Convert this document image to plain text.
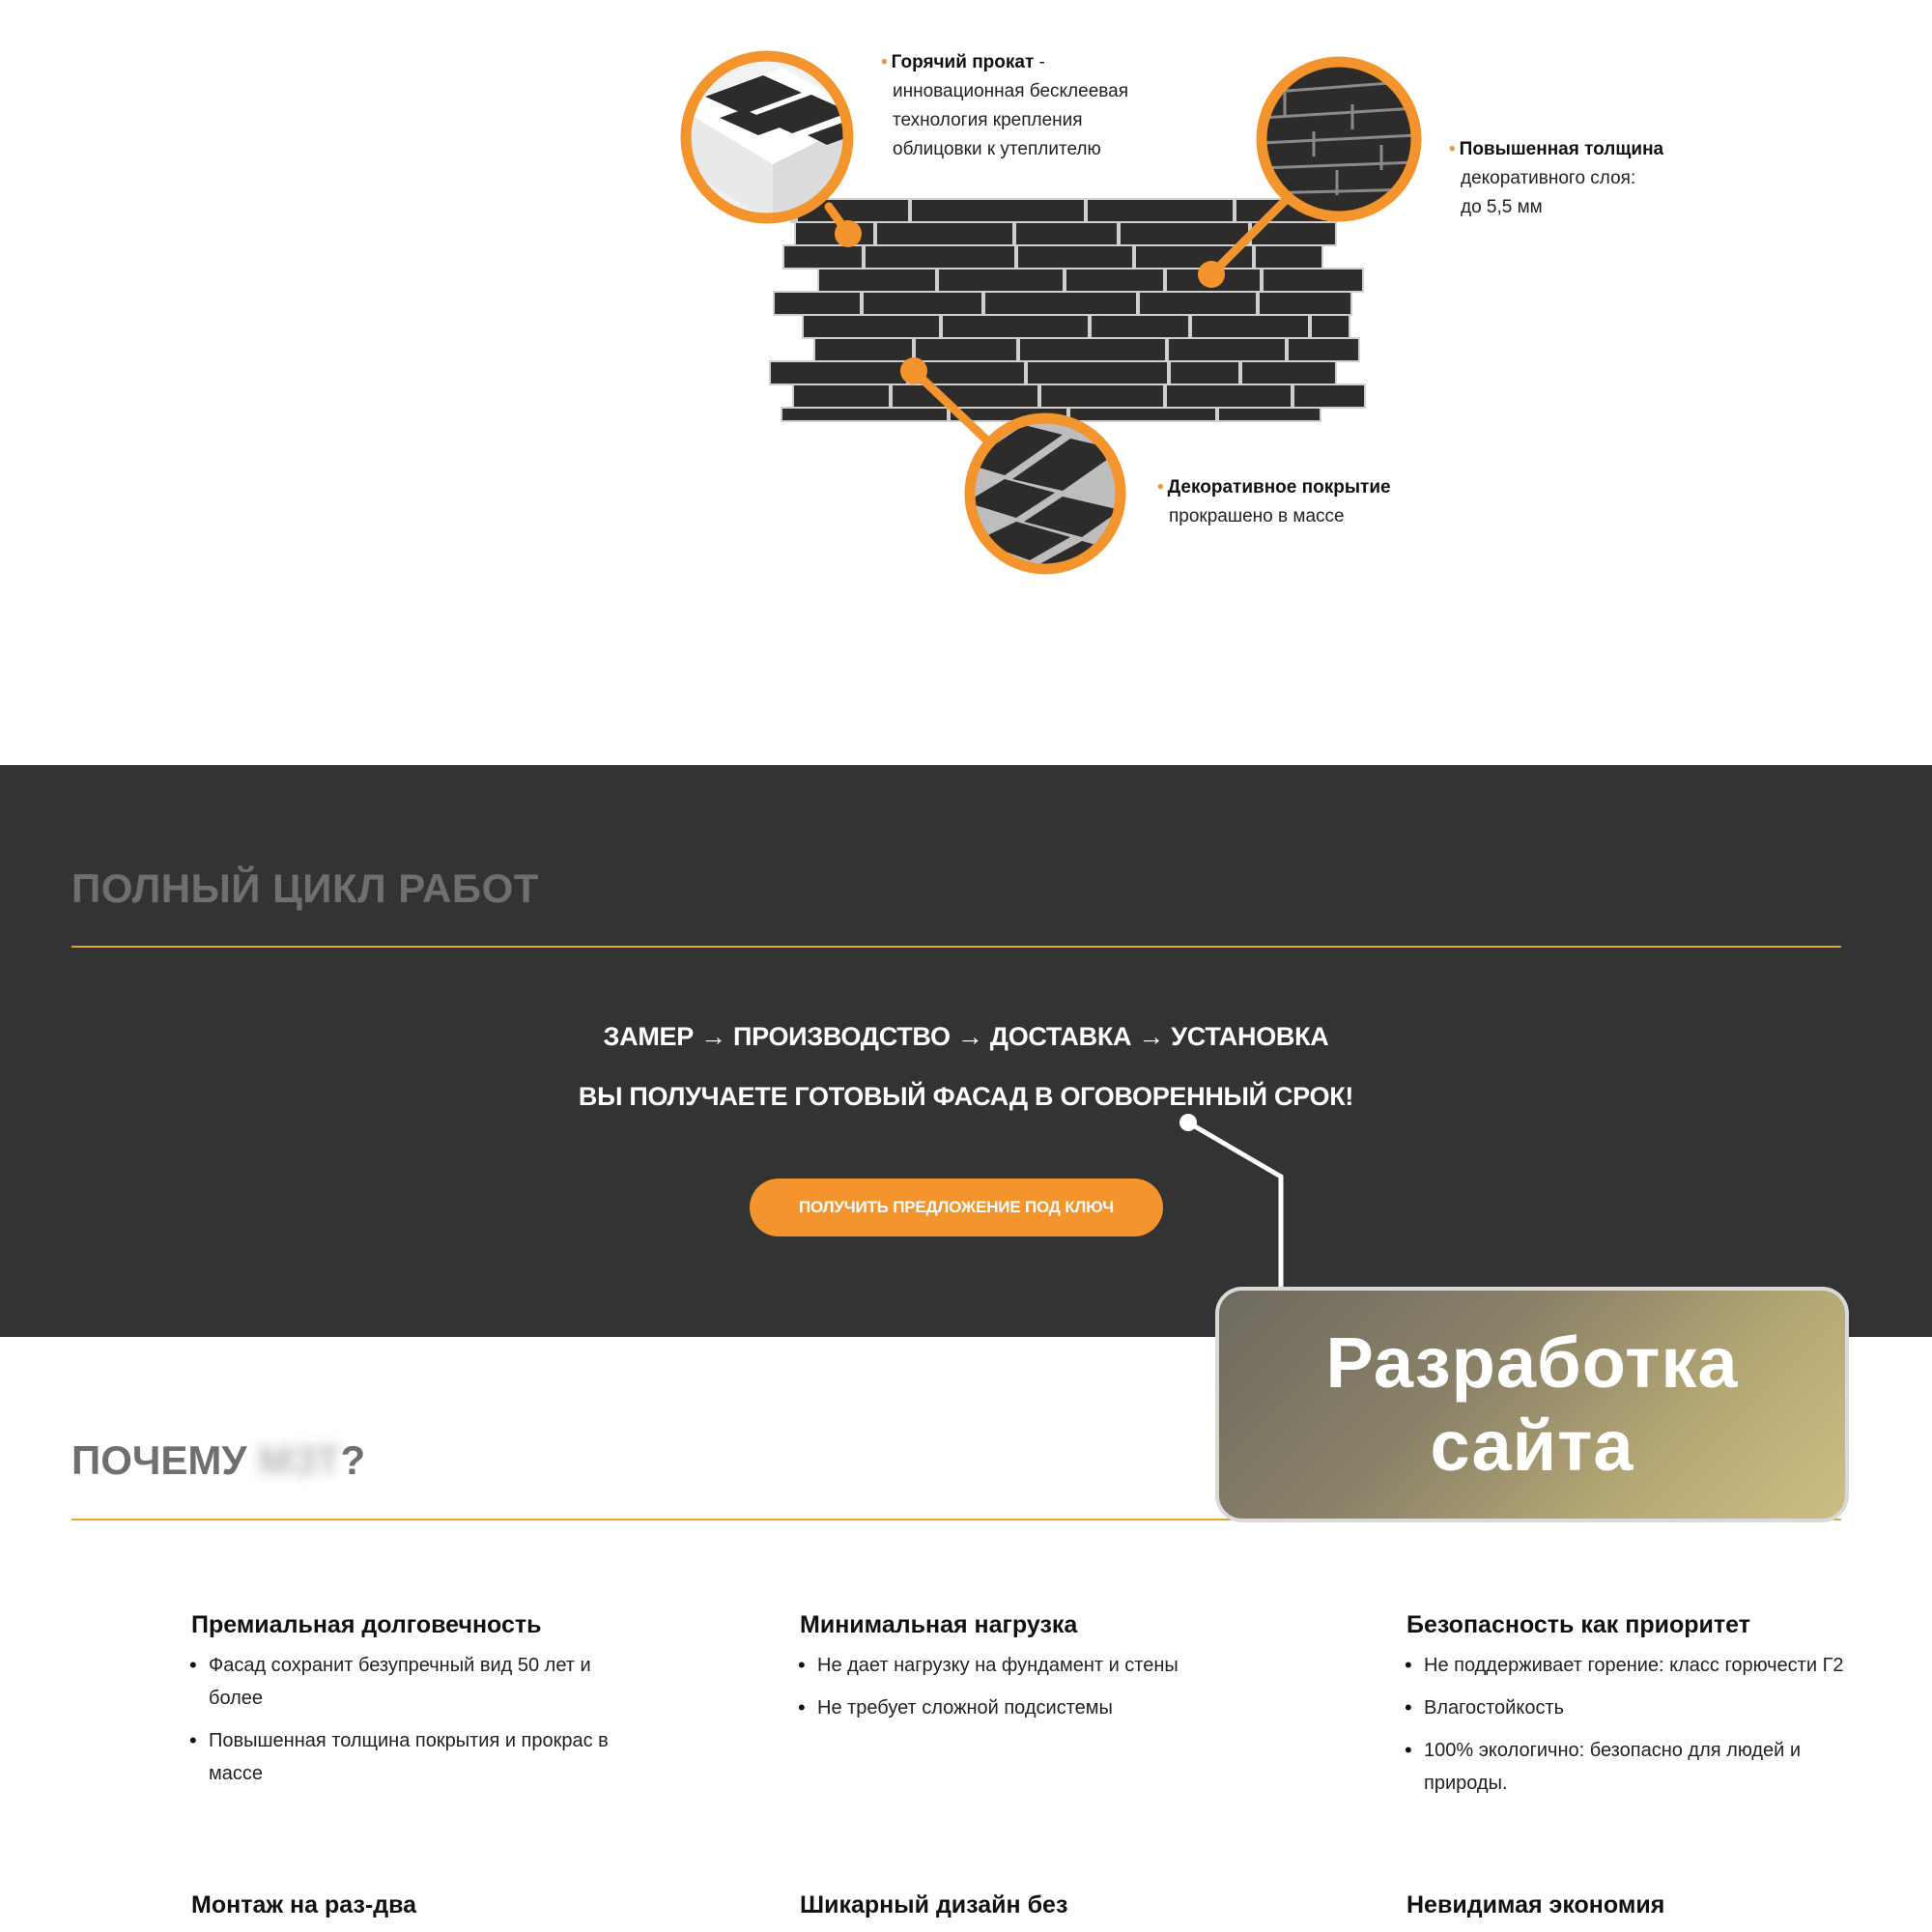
• Горячий прокат -
инновационная бесклеевая
технология крепления
облицовки к утеплителю	• Повышенная толщина
декоративного слоя:
до 5,5 мм
• Декоративное покрытие
прокрашено в массе
ПОЛНЫЙ ЦИКЛ РАБОТ
ЗАМЕР → ПРОИЗВОДСТВО → ДОСТАВКА → УСТАНОВКА
ВЫ ПОЛУЧАЕТЕ ГОТОВЫЙ ФАСАД В ОГОВОРЕННЫЙ СРОК!
ПОЛУЧИТЬ ПРЕДЛОЖЕНИЕ ПОД КЛЮЧ
ПОЧЕМУ МЗТ?
Премиальная долговечность
• Фасад сохранит безупречный вид 50 лет и более
• Повышенная толщина покрытия и прокрас в массе
Минимальная нагрузка
• Не дает нагрузку на фундамент и стены
• Не требует сложной подсистемы
Безопасность как приоритет
• Не поддерживает горение: класс горючести Г2
• Влагостойкость
• 100% экологично: безопасно для людей и природы.
Монтаж на раз-два	Шикарный дизайн без	Невидимая экономия
Разработка
сайта
